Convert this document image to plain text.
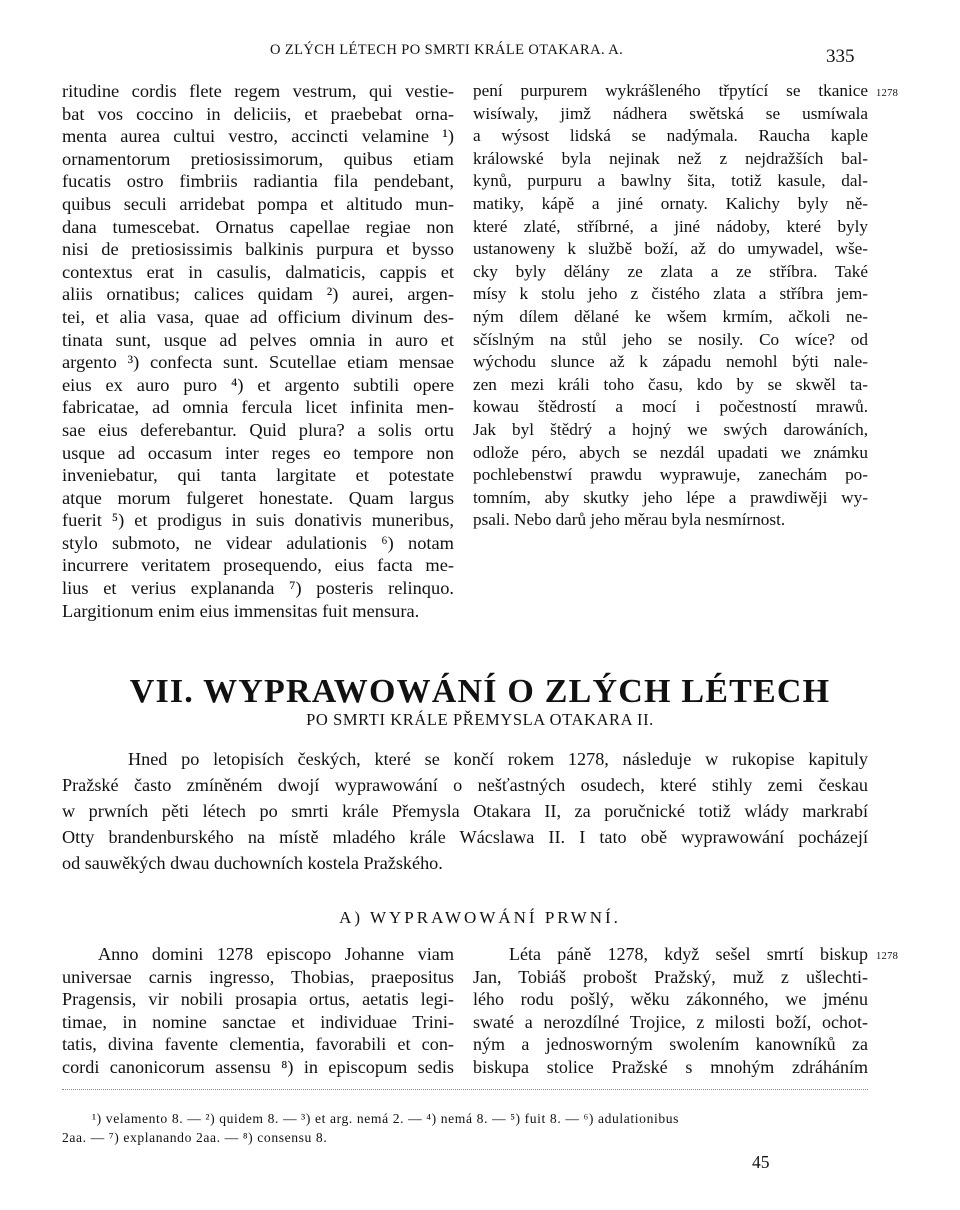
O ZLÝCH LÉTECH PO SMRTI KRÁLE OTAKARA. A.	335
ritudine cordis flete regem vestrum, qui vestie-
bat vos coccino in deliciis, et praebebat orna-
menta aurea cultui vestro, accincti velamine ¹)
ornamentorum pretiosissimorum, quibus etiam
fucatis ostro fimbriis radiantia fila pendebant,
quibus seculi arridebat pompa et altitudo mun-
dana tumescebat. Ornatus capellae regiae non
nisi de pretiosissimis balkinis purpura et bysso
contextus erat in casulis, dalmaticis, cappis et
aliis ornatibus; calices quidam ²) aurei, argen-
tei, et alia vasa, quae ad officium divinum des-
tinata sunt, usque ad pelves omnia in auro et
argento ³) confecta sunt. Scutellae etiam mensae
eius ex auro puro ⁴) et argento subtili opere
fabricatae, ad omnia fercula licet infinita men-
sae eius deferebantur. Quid plura? a solis ortu
usque ad occasum inter reges eo tempore non
inveniebatur, qui tanta largitate et potestate
atque morum fulgeret honestate. Quam largus
fuerit ⁵) et prodigus in suis donativis muneribus,
stylo submoto, ne videar adulationis ⁶) notam
incurrere veritatem prosequendo, eius facta me-
lius et verius explananda ⁷) posteris relinquo.
Largitionum enim eius immensitas fuit mensura.
pení purpurem wykrášleného třpytící se tkanice
wisíwaly, jimž nádhera swětská se usmíwala
a wýsost lidská se nadýmala. Raucha kaple
králowské byla nejinak než z nejdražších bal-
kynů, purpuru a bawlny šita, totiž kasule, dal-
matiky, kápě a jiné ornaty. Kalichy byly ně-
které zlaté, stříbrné, a jiné nádoby, které byly
ustanoweny k službě boží, až do umywadel, wše-
cky byly dělány ze zlata a ze stříbra. Také
mísy k stolu jeho z čistého zlata a stříbra jem-
ným dílem dělané ke wšem krmím, ačkoli ne-
sčíslným na stůl jeho se nosily. Co wíce? od
wýchodu slunce až k západu nemohl býti nale-
zen mezi králi toho času, kdo by se skwěl ta-
kowau štědrostí a mocí i počestností mrawů.
Jak byl štědrý a hojný we swých darowáních,
odlože péro, abych se nezdál upadati we známku
pochlebenstwí prawdu wyprawuje, zanechám po-
tomním, aby skutky jeho lépe a prawdiwěji wy-
psali. Nebo darů jeho měrau byla nesmírnost.
1278
VII. WYPRAWOWÁNÍ O ZLÝCH LÉTECH
PO SMRTI KRÁLE PŘEMYSLA OTAKARA II.
Hned po letopisích českých, které se končí rokem 1278, následuje w rukopise kapituly
Pražské často zmíněném dwojí wyprawowání o nešťastných osudech, které stihly zemi českau
w prwních pěti létech po smrti krále Přemysla Otakara II, za poručnické totiž wlády markrabí
Otty brandenburského na místě mladého krále Wácslawa II. I tato obě wyprawowání pocházejí
od sauwěkých dwau duchowních kostela Pražského.
A) WYPRAWOWÁNÍ PRWNÍ.
Anno domini 1278 episcopo Johanne viam
universae carnis ingresso, Thobias, praepositus
Pragensis, vir nobili prosapia ortus, aetatis legi-
timae, in nomine sanctae et individuae Trini-
tatis, divina favente clementia, favorabili et con-
cordi canonicorum assensu ⁸) in episcopum sedis
Léta páně 1278, když sešel smrtí biskup
Jan, Tobiáš probošt Pražský, muž z ušlechti-
lého rodu pošlý, wěku zákonného, we jménu
swaté a nerozdílné Trojice, z milosti boží, ochot-
ným a jednosworným swolením kanowníků za
biskupa stolice Pražské s mnohým zdráháním
1278
¹) velamento 8. — ²) quidem 8. — ³) et arg. nemá 2. — ⁴) nemá 8. — ⁵) fuit 8. — ⁶) adulationibus
2aa. — ⁷) explanando 2aa. — ⁸) consensu 8.
45
